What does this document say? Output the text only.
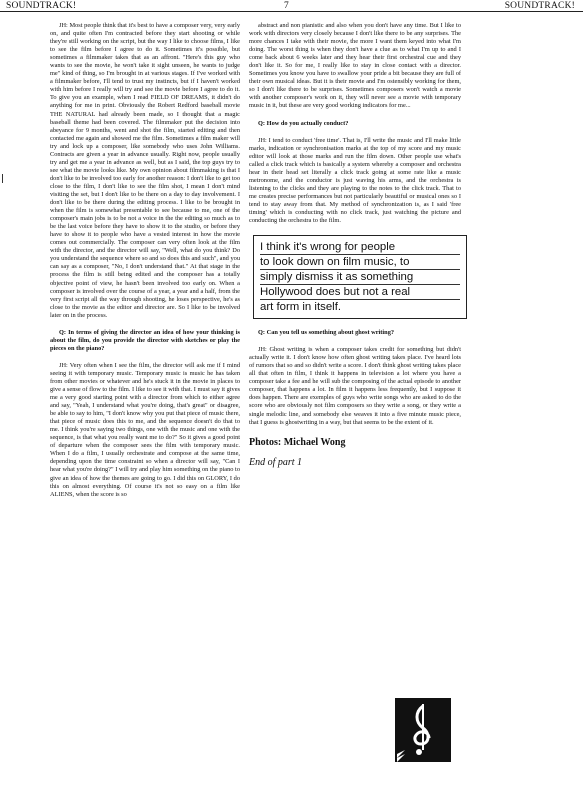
SOUNDTRACK!	7	SOUNDTRACK!

JH: Most people think that it's best to have a composer very, very early on, and quite often I'm contracted before they start shooting or while they're still working on the script, but the way I like to choose films, I like to see the film before I agree to do it. Sometimes it's possible, but sometimes a filmmaker takes that as an affront. "Here's this guy who wants to see the movie, he won't take it sight unseen, he wants to judge me" kind of thing, so I'm brought in at various stages. If I've worked with a filmmaker before, I'll tend to trust my instincts, but if I haven't worked with him before I really will try and see the movie before I agree to do it. To give you an example, when I read FIELD OF DREAMS, it didn't do anything for me in print. Obviously the Robert Redford baseball movie THE NATURAL had already been made, so I thought that a magic baseball theme had been covered. The filmmaker put the decision into abeyance for 9 months, went and shot the film, started editing and then contacted me again and showed me the film. Sometimes a film maker will try and lock up a composer, like somebody who uses John Williams. Contracts are given a year in advance usually. Right now, people usually try and get me a year in advance as well, but as I said, the top guys try to see what the movie looks like. My own opinion about filmmaking is that I don't like to be involved too early for another reason: I don't like to get too close to the film, I don't like to see the film shot, I mean I don't mind visiting the set, but I don't like to be there on a day to day involvement. I don't like to be there during the editing process. I like to be brought in when the film is somewhat presentable to see because to me, one of the composer's main jobs is to be not a voice in the the editing so much as to be the last voice before they have to show it to the studio, or before they have to show it to people who have a vested interest in how the movie comes out commercially. The composer can very often look at the film with the director, and the director will say, "Well, what do you think? Do you understand the sequence where so and so does this and such", and you can say as a composer, "No, I don't understand that." At that stage in the process the film is still being edited and the composer has a totally objective point of view, he hasn't been involved too early on. When a composer is involved over the course of a year, a year and a half, from the very first script all the way through shooting, he loses perspective, he's as close to the movie as the editor and director are. So I like to be involved later on in the process.

Q: In terms of giving the director an idea of how your thinking is about the film, do you provide the director with sketches or play the pieces on the piano?

JH: Very often when I see the film, the director will ask me if I mind seeing it with temporary music. Temporary music is music he has taken from other movies or whatever and he's stuck it in the movie in places to give a sense of flow to the film. I like to see it with that. I must say it gives me a very good starting point with a director from which to either agree and say, "Yeah, I understand what you're doing, that's great" or disagree, be able to say to him, "I don't know why you put that piece of music there, that piece of music does this to me, and the sequence doesn't do that to me. I think you're saying two things, one with the music and one with the sequence, is that what you really want me to do?" So it gives a good point of departure when the composer sees the film with temporary music. When I do a film, I usually orchestrate and compose at the same time, depending upon the time constraint so when a director will say, "Can I hear what you're doing?" I will try and play him something on the piano to give an idea of how the themes are going to go. I did this on GLORY, I do this on almost everything. Of course it's not so easy on a film like ALIENS, when the score is so

abstract and non pianistic and also when you don't have any time. But I like to work with directors very closely because I don't like there to be any surprises. The more chances I take with their movie, the more I want them keyed into what I'm doing. The worst thing is when they don't have a clue as to what I'm up to and I come back about 6 weeks later and they hear their first orchestral cue and they don't like it. So for me, I really like to stay in close contact with a director. Sometimes you know you have to swallow your pride a bit because they are full of their own musical ideas. But it is their movie and I'm ostensibly working for them, so I don't like there to be surprises. Sometimes composers won't watch a movie with another composer's work on it, they will never see a movie with temporary music in it, but these are very good working indicators for me...

Q: How do you actually conduct?

JH: I tend to conduct 'free time'. That is, I'll write the music and I'll make little marks, indication or synchronisation marks at the top of my score and my music editor will look at those marks and run the film down. Other people use what's called a click track which is basically a system whereby a composer and orchestra hear in their head set literally a click track going at some rate like a music metronome, and the conductor is just waving his arms, and the orchestra is listening to the clicks and they are playing to the notes to the click track. That to me creates precise performances but not particularly beautiful or musical ones so I tend to stay away from that. My method of synchronization is, as I said 'free timing' which is conducting with no click track, just watching the picture and conducting the orchestra to the film.

I think it's wrong for people
to look down on film music, to
simply dismiss it as something
Hollywood does but not a real
art form in itself.

Q: Can you tell us something about ghost writing?

JH: Ghost writing is when a composer takes credit for something but didn't actually write it. I don't know how often ghost writing takes place. I've heard lots of rumors that so and so didn't write a score. I don't think ghost writing takes place all that often in film, I think it happens in television a lot where you have a composer take a fee and he will sub the composing of the actual episode to another composer, that happens a lot. In film it happens less frequently, but I suppose it does happen. There are exemples of guys who write songs who are asked to do the score who are obviously not film composers so they write a song, or they write a single melodic line, and somebody else weaves it into a five minute music piece, that I guess is ghostwriting in a way, but that seems to be the extent of it.

Photos: Michael Wong

End of part 1
